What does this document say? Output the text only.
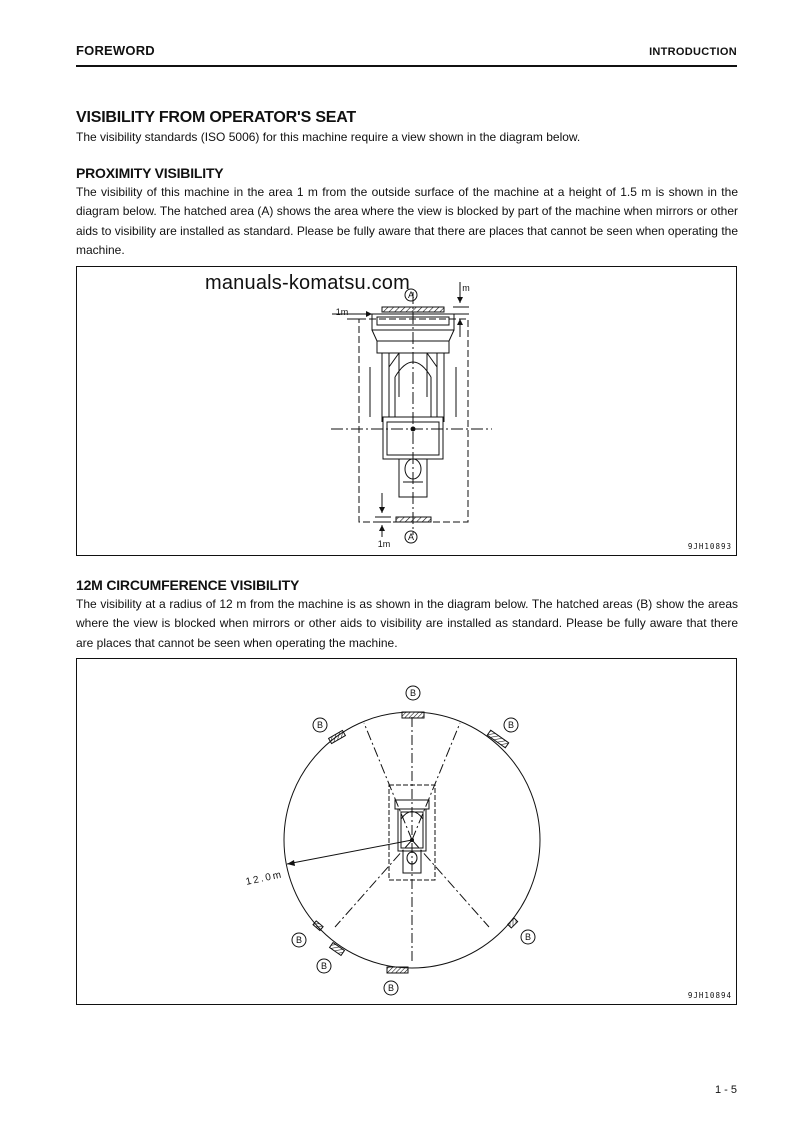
FOREWORD	INTRODUCTION
VISIBILITY FROM OPERATOR'S SEAT
The visibility standards (ISO 5006) for this machine require a view shown in the diagram below.
PROXIMITY VISIBILITY
The visibility of this machine in the area 1 m from the outside surface of the machine at a height of 1.5 m is shown in the diagram below. The hatched area (A) shows the area where the view is blocked by part of the machine when mirrors or other aids to visibility are installed as standard. Please be fully aware that there are places that cannot be seen when operating the machine.
A
A
1m
m
1m	9JH10893
manuals-komatsu.com
12M CIRCUMFERENCE VISIBILITY
The visibility at a radius of 12 m from the machine is as shown in the diagram below. The hatched areas (B) show the areas where the view is blocked when mirrors or other aids to visibility are installed as standard. Please be fully aware that there are places that cannot be seen when operating the machine.
B
B	B
B
B
B
B
12.0m
9JH10894
1 - 5
